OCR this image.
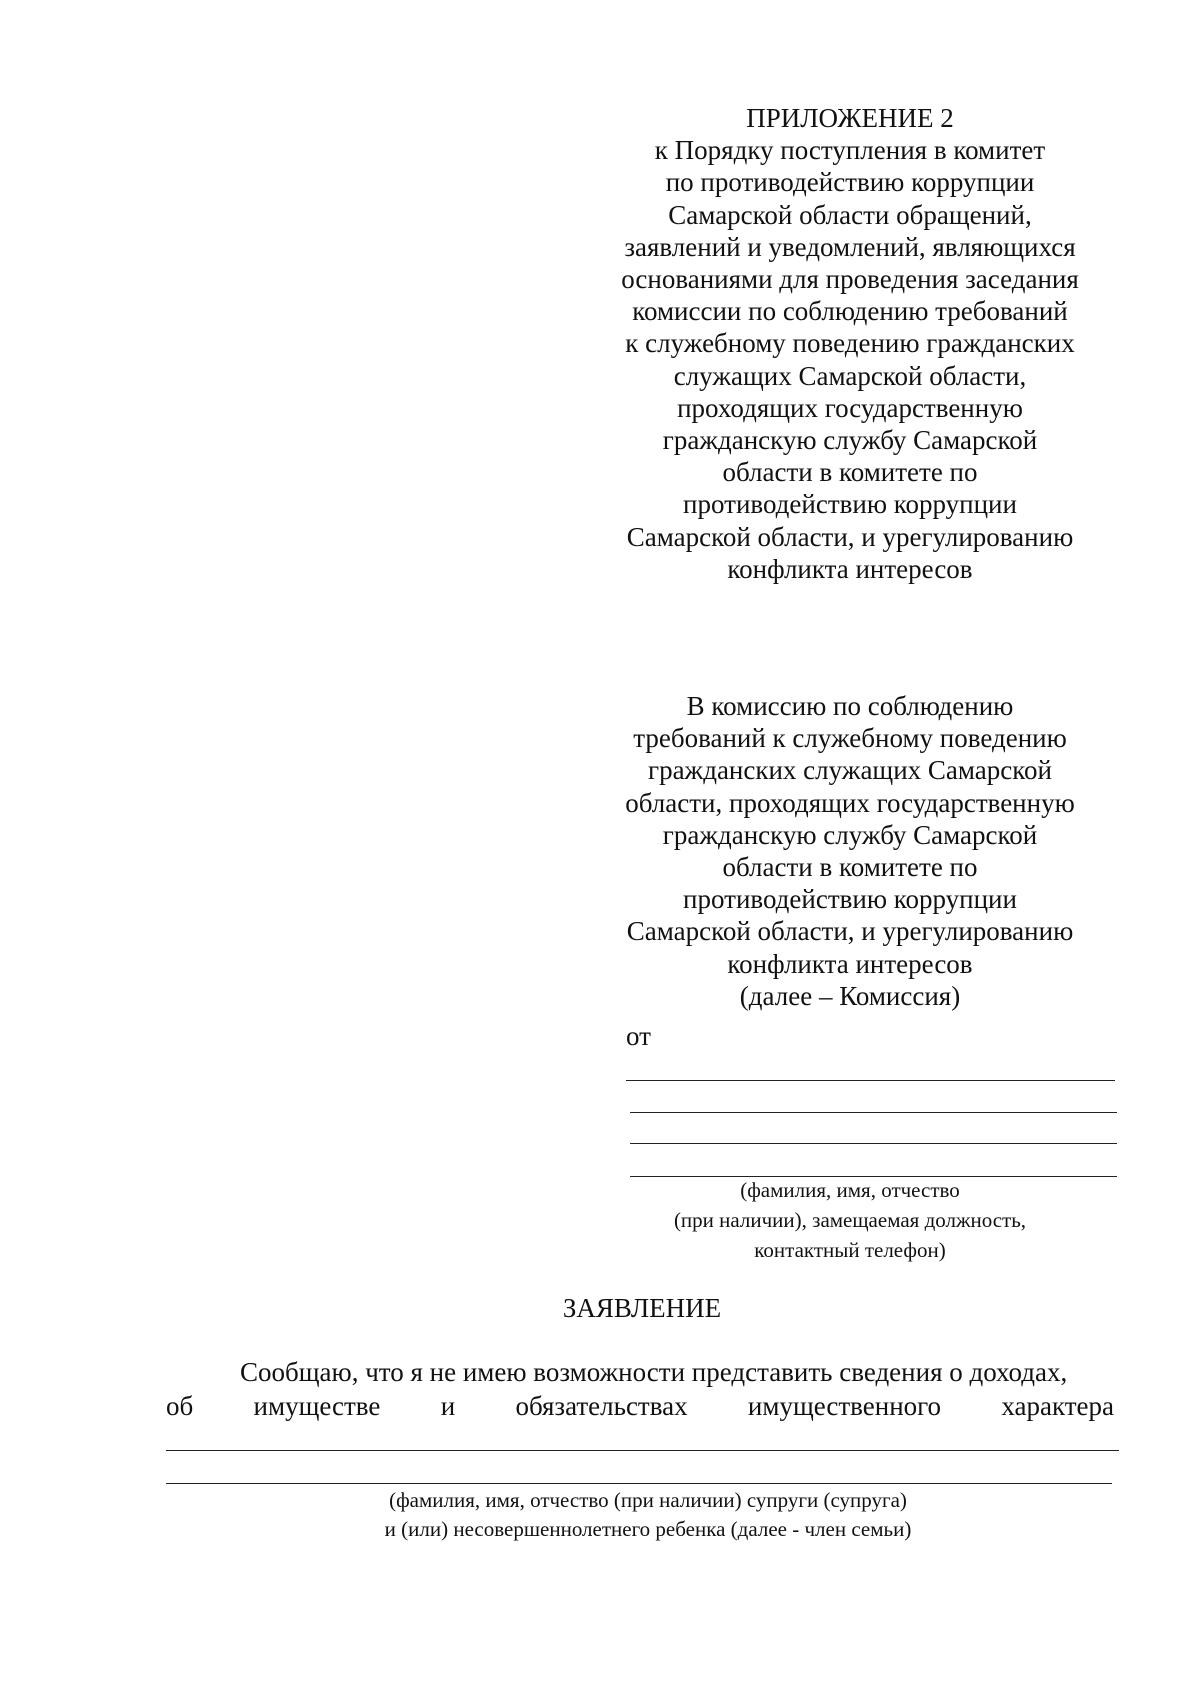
ПРИЛОЖЕНИЕ 2
к Порядку поступления в комитет
по противодействию коррупции
Самарской области обращений,
заявлений и уведомлений, являющихся
основаниями для проведения заседания
комиссии по соблюдению требований
к служебному поведению гражданских
служащих Самарской области,
проходящих государственную
гражданскую службу Самарской
области в комитете по
противодействию коррупции
Самарской области, и урегулированию
конфликта интересов
В комиссию по соблюдению
требований к служебному поведению
гражданских служащих Самарской
области, проходящих государственную
гражданскую службу Самарской
области в комитете по
противодействию коррупции
Самарской области, и урегулированию
конфликта интересов
(далее – Комиссия)
от
(фамилия, имя, отчество
(при наличии), замещаемая должность,
контактный телефон)
ЗАЯВЛЕНИЕ
Сообщаю, что я не имею возможности представить сведения о доходах,
об имуществе и обязательствах имущественного характера
(фамилия, имя, отчество (при наличии) супруги (супруга)
и (или) несовершеннолетнего ребенка (далее - член семьи)
